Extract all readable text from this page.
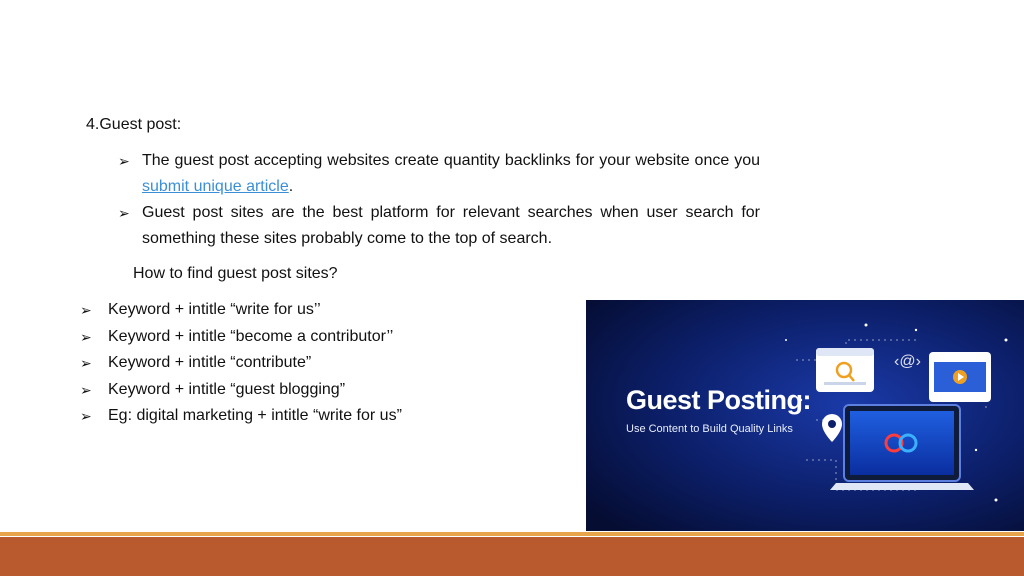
4.Guest post:
➢ The guest post accepting websites create quantity backlinks for your website once you submit unique article.
➢ Guest post sites are the best platform for relevant searches when user search for something these sites probably come to the top of search.
How to find guest post sites?
➢ Keyword + intitle “write for us’’
➢ Keyword + intitle “become a contributor’’
➢ Keyword + intitle “contribute”
➢ Keyword + intitle “guest blogging”
➢ Eg: digital marketing + intitle “write for us”
‹@›
Guest Posting:
Use Content to Build Quality Links
